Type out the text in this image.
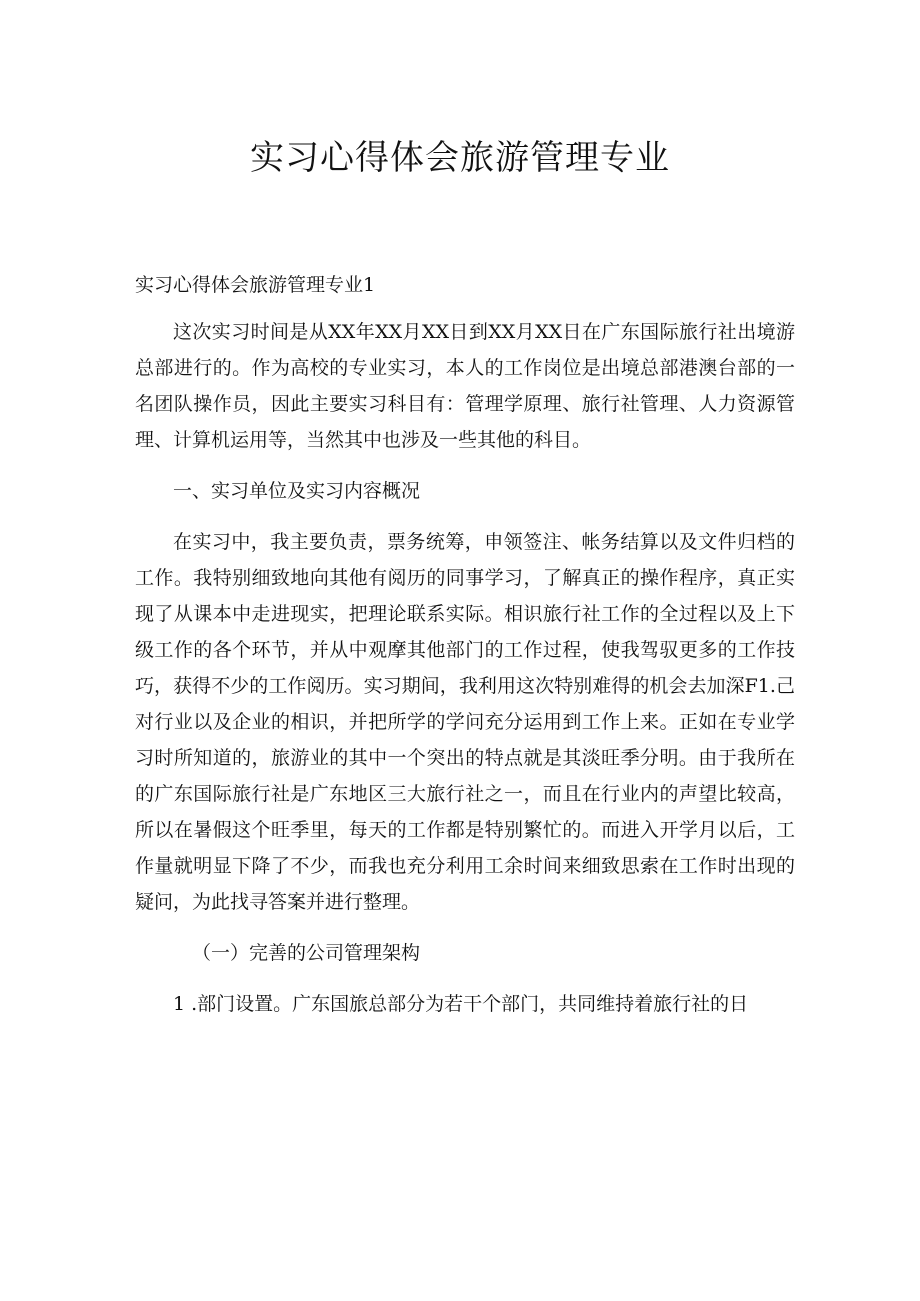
实习心得体会旅游管理专业
实习心得体会旅游管理专业1

这次实习时间是从XX年XX月XX日到XX月XX日在广东国际旅行社出境游总部进行的。作为高校的专业实习，本人的工作岗位是出境总部港澳台部的一名团队操作员，因此主要实习科目有：管理学原理、旅行社管理、人力资源管理、计算机运用等，当然其中也涉及一些其他的科目。

一、实习单位及实习内容概况

在实习中，我主要负责，票务统筹，申领签注、帐务结算以及文件归档的工作。我特别细致地向其他有阅历的同事学习，了解真正的操作程序，真正实现了从课本中走进现实，把理论联系实际。相识旅行社工作的全过程以及上下级工作的各个环节，并从中观摩其他部门的工作过程，使我驾驭更多的工作技巧，获得不少的工作阅历。实习期间，我利用这次特别难得的机会去加深F1.己对行业以及企业的相识，并把所学的学问充分运用到工作上来。正如在专业学习时所知道的，旅游业的其中一个突出的特点就是其淡旺季分明。由于我所在的广东国际旅行社是广东地区三大旅行社之一，而且在行业内的声望比较高，所以在暑假这个旺季里，每天的工作都是特别繁忙的。而进入开学月以后，工作量就明显下降了不少，而我也充分利用工余时间来细致思索在工作时出现的疑问，为此找寻答案并进行整理。

（一）完善的公司管理架构

1 .部门设置。广东国旅总部分为若干个部门，共同维持着旅行社的日
